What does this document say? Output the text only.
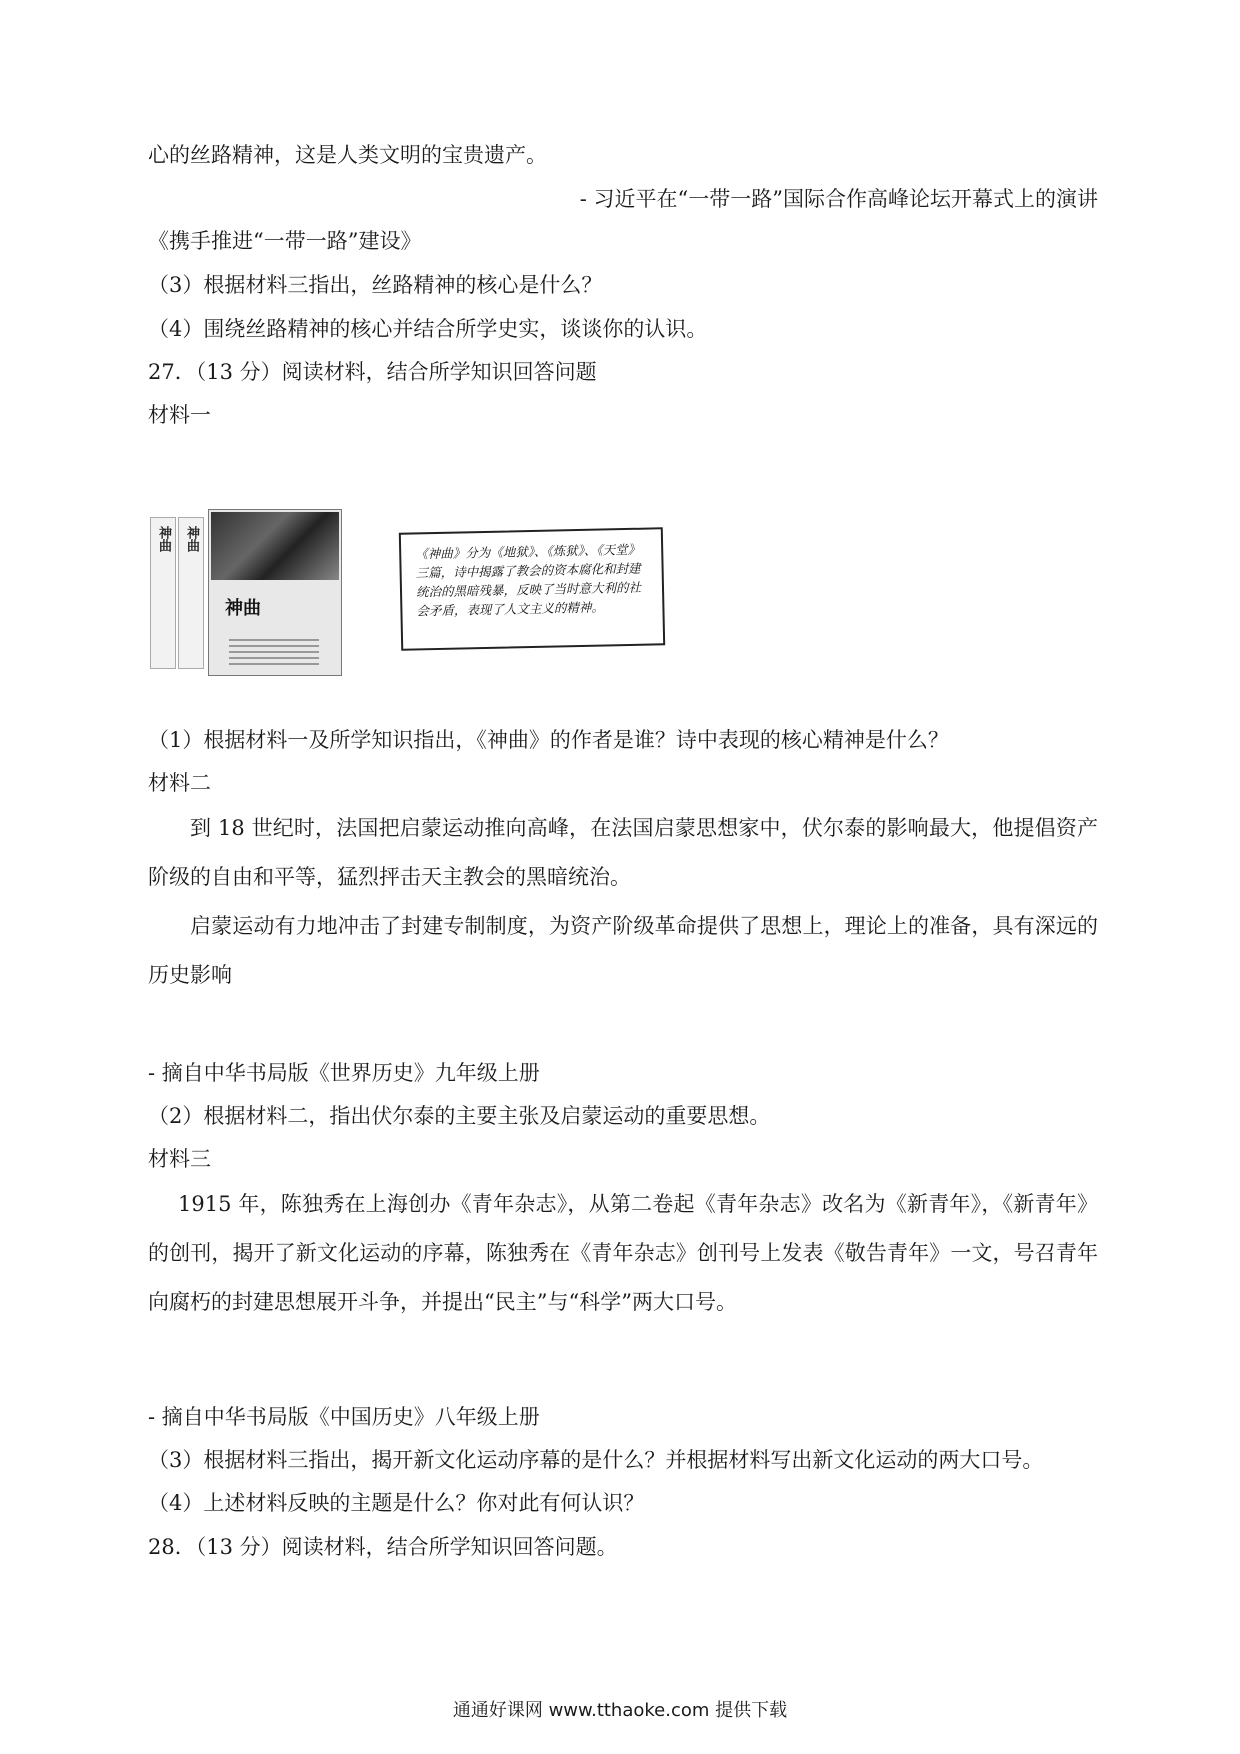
心的丝路精神，这是人类文明的宝贵遗产。
- 习近平在“一带一路”国际合作高峰论坛开幕式上的演讲
《携手推进“一带一路”建设》
（3）根据材料三指出，丝路精神的核心是什么？
（4）围绕丝路精神的核心并结合所学史实，谈谈你的认识。
27．（13 分）阅读材料，结合所学知识回答问题
材料一
神曲 神曲
神曲
《神曲》分为《地狱》、《炼狱》、《天堂》三篇，诗中揭露了教会的资本腐化和封建统治的黑暗残暴，反映了当时意大利的社会矛盾，表现了人文主义的精神。
（1）根据材料一及所学知识指出，《神曲》的作者是谁？诗中表现的核心精神是什么？
材料二
到 18 世纪时，法国把启蒙运动推向高峰，在法国启蒙思想家中，伏尔泰的影响最大，他提倡资产阶级的自由和平等，猛烈抨击天主教会的黑暗统治。
启蒙运动有力地冲击了封建专制制度，为资产阶级革命提供了思想上，理论上的准备，具有深远的历史影响
- 摘自中华书局版《世界历史》九年级上册
（2）根据材料二，指出伏尔泰的主要主张及启蒙运动的重要思想。
材料三
1915 年，陈独秀在上海创办《青年杂志》，从第二卷起《青年杂志》改名为《新青年》，《新青年》的创刊，揭开了新文化运动的序幕，陈独秀在《青年杂志》创刊号上发表《敬告青年》一文，号召青年向腐朽的封建思想展开斗争，并提出“民主”与“科学”两大口号。
- 摘自中华书局版《中国历史》八年级上册
（3）根据材料三指出，揭开新文化运动序幕的是什么？并根据材料写出新文化运动的两大口号。
（4）上述材料反映的主题是什么？你对此有何认识？
28．（13 分）阅读材料，结合所学知识回答问题。
通通好课网 www.tthaoke.com 提供下载
